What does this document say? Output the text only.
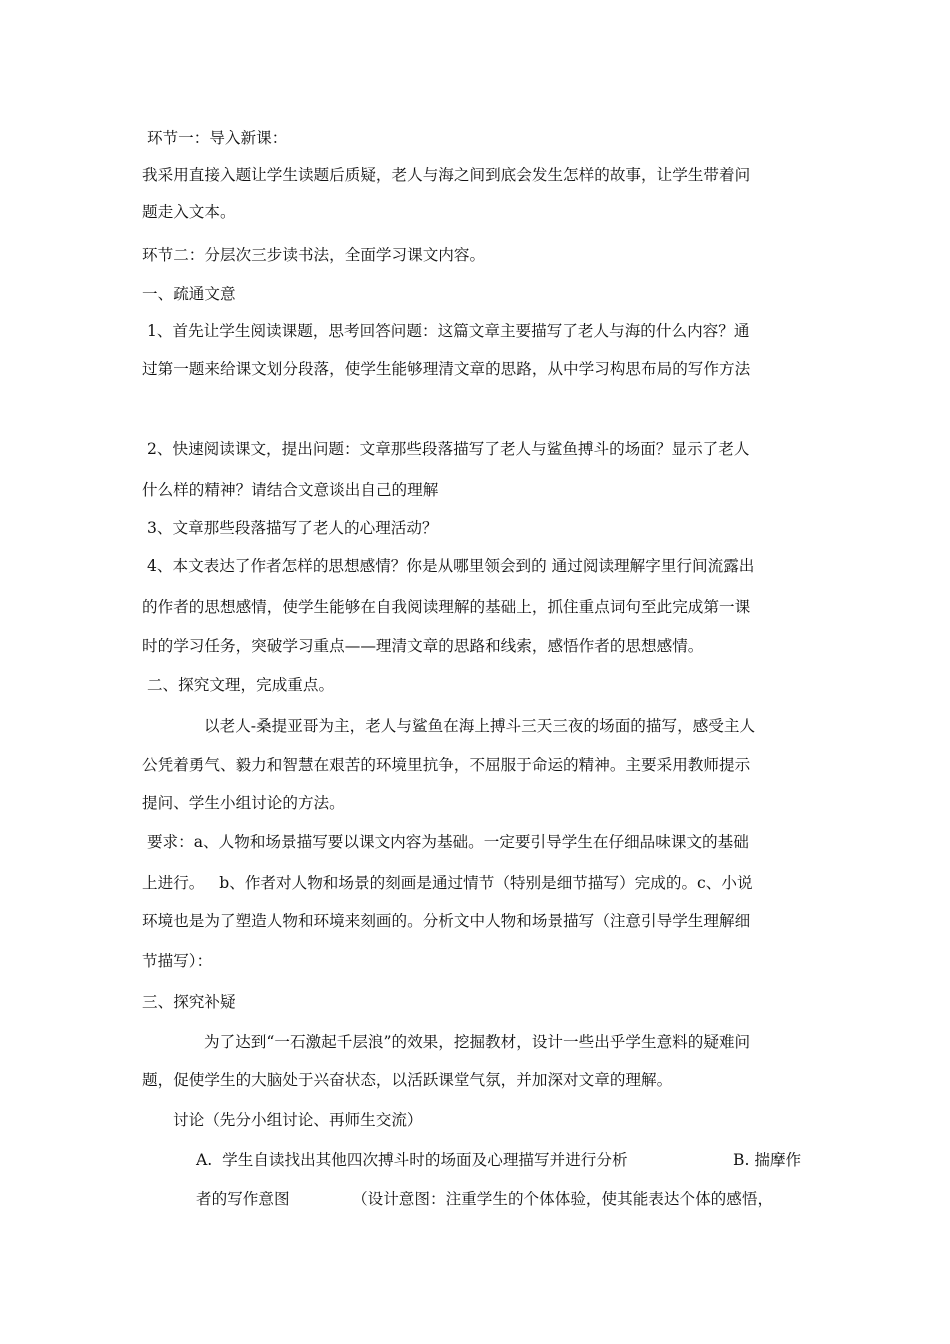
环节一：导入新课：
我采用直接入题让学生读题后质疑，老人与海之间到底会发生怎样的故事，让学生带着问
题走入文本。
环节二：分层次三步读书法，全面学习课文内容。
一、疏通文意
1、首先让学生阅读课题，思考回答问题：这篇文章主要描写了老人与海的什么内容？通
过第一题来给课文划分段落，使学生能够理清文章的思路，从中学习构思布局的写作方法
2、快速阅读课文，提出问题：文章那些段落描写了老人与鲨鱼搏斗的场面？显示了老人
什么样的精神？请结合文意谈出自己的理解
3、文章那些段落描写了老人的心理活动？
4、本文表达了作者怎样的思想感情？你是从哪里领会到的 通过阅读理解字里行间流露出
的作者的思想感情，使学生能够在自我阅读理解的基础上，抓住重点词句至此完成第一课
时的学习任务，突破学习重点——理清文章的思路和线索，感悟作者的思想感情。
二、探究文理，完成重点。
以老人-桑提亚哥为主，老人与鲨鱼在海上搏斗三天三夜的场面的描写，感受主人
公凭着勇气、毅力和智慧在艰苦的环境里抗争，不屈服于命运的精神。主要采用教师提示
提问、学生小组讨论的方法。
要求：a、人物和场景描写要以课文内容为基础。一定要引导学生在仔细品味课文的基础
上进行。   b、作者对人物和场景的刻画是通过情节（特别是细节描写）完成的。c、小说
环境也是为了塑造人物和环境来刻画的。分析文中人物和场景描写（注意引导学生理解细
节描写）：
三、探究补疑
为了达到“一石激起千层浪”的效果，挖掘教材，设计一些出乎学生意料的疑难问
题，促使学生的大脑处于兴奋状态，以活跃课堂气氛，并加深对文章的理解。
讨论（先分小组讨论、再师生交流）
A.  学生自读找出其他四次搏斗时的场面及心理描写并进行分析	B. 揣摩作
者的写作意图	（设计意图：注重学生的个体体验，使其能表达个体的感悟，
